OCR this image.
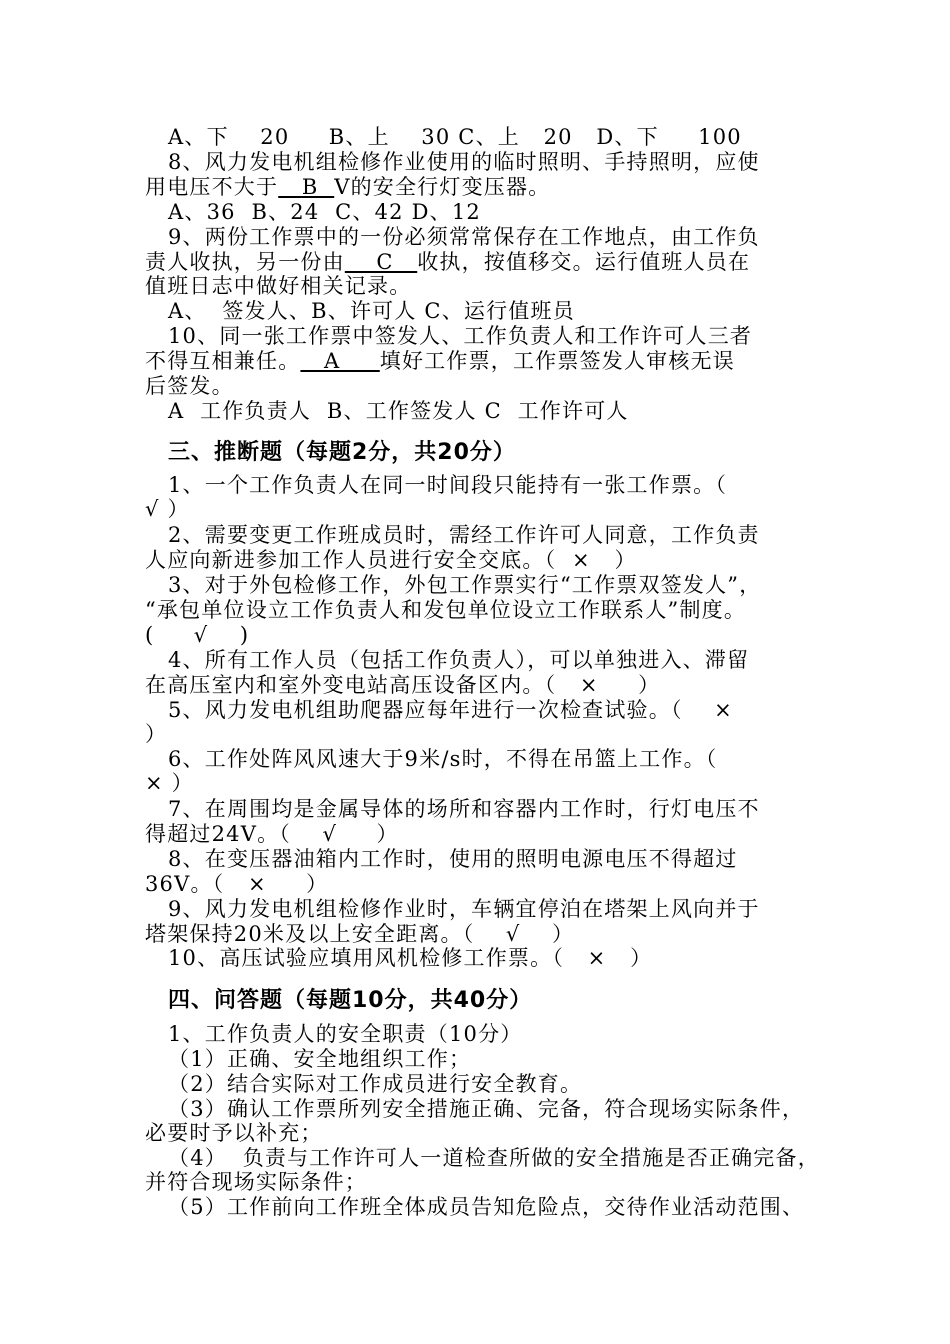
A、下    20     B、上    30 C、上   20   D、下     100
8、风力发电机组检修作业使用的临时照明、手持照明，应使
用电压不大于   B  V的安全行灯变压器。
A、36  B、24  C、42 D、12
9、两份工作票中的一份必须常常保存在工作地点，由工作负
责人收执，另一份由    C   收执，按值移交。运行值班人员在
值班日志中做好相关记录。
A、  签发人、B、许可人 C、运行值班员
10、同一张工作票中签发人、工作负责人和工作许可人三者
不得互相兼任。   A     填好工作票，工作票签发人审核无误
后签发。
A  工作负责人  B、工作签发人 C  工作许可人
三、推断题（每题2分，共20分）
1、一个工作负责人在同一时间段只能持有一张工作票。（
√ ）
2、需要变更工作班成员时，需经工作许可人同意，工作负责
人应向新进参加工作人员进行安全交底。（  ×   ）
3、对于外包检修工作，外包工作票实行“工作票双签发人”，
“承包单位设立工作负责人和发包单位设立工作联系人”制度。
(     √    )
4、所有工作人员（包括工作负责人），可以单独进入、滞留
在高压室内和室外变电站高压设备区内。（   ×     ）
5、风力发电机组助爬器应每年进行一次检查试验。（    ×
）
6、工作处阵风风速大于9米/s时，不得在吊篮上工作。（
× ）
7、在周围均是金属导体的场所和容器内工作时，行灯电压不
得超过24V。（    √     ）
8、在变压器油箱内工作时，使用的照明电源电压不得超过
36V。（   ×     ）
9、风力发电机组检修作业时，车辆宜停泊在塔架上风向并于
塔架保持20米及以上安全距离。（    √    ）
10、高压试验应填用风机检修工作票。（   ×   ）
四、问答题（每题10分，共40分）
1、工作负责人的安全职责（10分）
（1）正确、安全地组织工作；
（2）结合实际对工作成员进行安全教育。
（3）确认工作票所列安全措施正确、完备，符合现场实际条件，
必要时予以补充；
（4）  负责与工作许可人一道检查所做的安全措施是否正确完备，
并符合现场实际条件；
（5）工作前向工作班全体成员告知危险点，交待作业活动范围、
